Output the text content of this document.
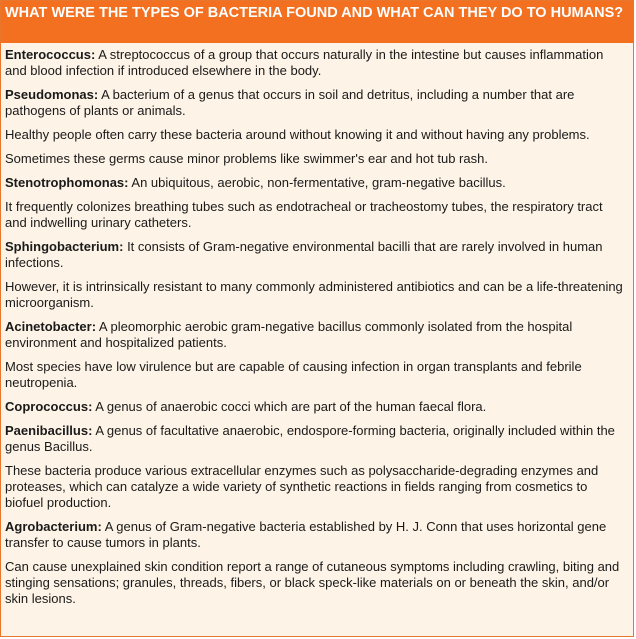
WHAT WERE THE TYPES OF BACTERIA FOUND AND WHAT CAN THEY DO TO HUMANS?

Enterococcus: A streptococcus of a group that occurs naturally in the intestine but causes inflammation and blood infection if introduced elsewhere in the body.

Pseudomonas: A bacterium of a genus that occurs in soil and detritus, including a number that are pathogens of plants or animals.

Healthy people often carry these bacteria around without knowing it and without having any problems.

Sometimes these germs cause minor problems like swimmer's ear and hot tub rash.

Stenotrophomonas: An ubiquitous, aerobic, non-fermentative, gram-negative bacillus.

It frequently colonizes breathing tubes such as endotracheal or tracheostomy tubes, the respiratory tract and indwelling urinary catheters.

Sphingobacterium: It consists of Gram-negative environmental bacilli that are rarely involved in human infections.

However, it is intrinsically resistant to many commonly administered antibiotics and can be a life-threatening microorganism.

Acinetobacter: A pleomorphic aerobic gram-negative bacillus commonly isolated from the hospital environment and hospitalized patients.

Most species have low virulence but are capable of causing infection in organ transplants and febrile neutropenia.

Coprococcus: A genus of anaerobic cocci which are part of the human faecal flora.

Paenibacillus: A genus of facultative anaerobic, endospore-forming bacteria, originally included within the genus Bacillus.

These bacteria produce various extracellular enzymes such as polysaccharide-degrading enzymes and proteases, which can catalyze a wide variety of synthetic reactions in fields ranging from cosmetics to biofuel production.

Agrobacterium: A genus of Gram-negative bacteria established by H. J. Conn that uses horizontal gene transfer to cause tumors in plants.

Can cause unexplained skin condition report a range of cutaneous symptoms including crawling, biting and stinging sensations; granules, threads, fibers, or black speck-like materials on or beneath the skin, and/or skin lesions.
